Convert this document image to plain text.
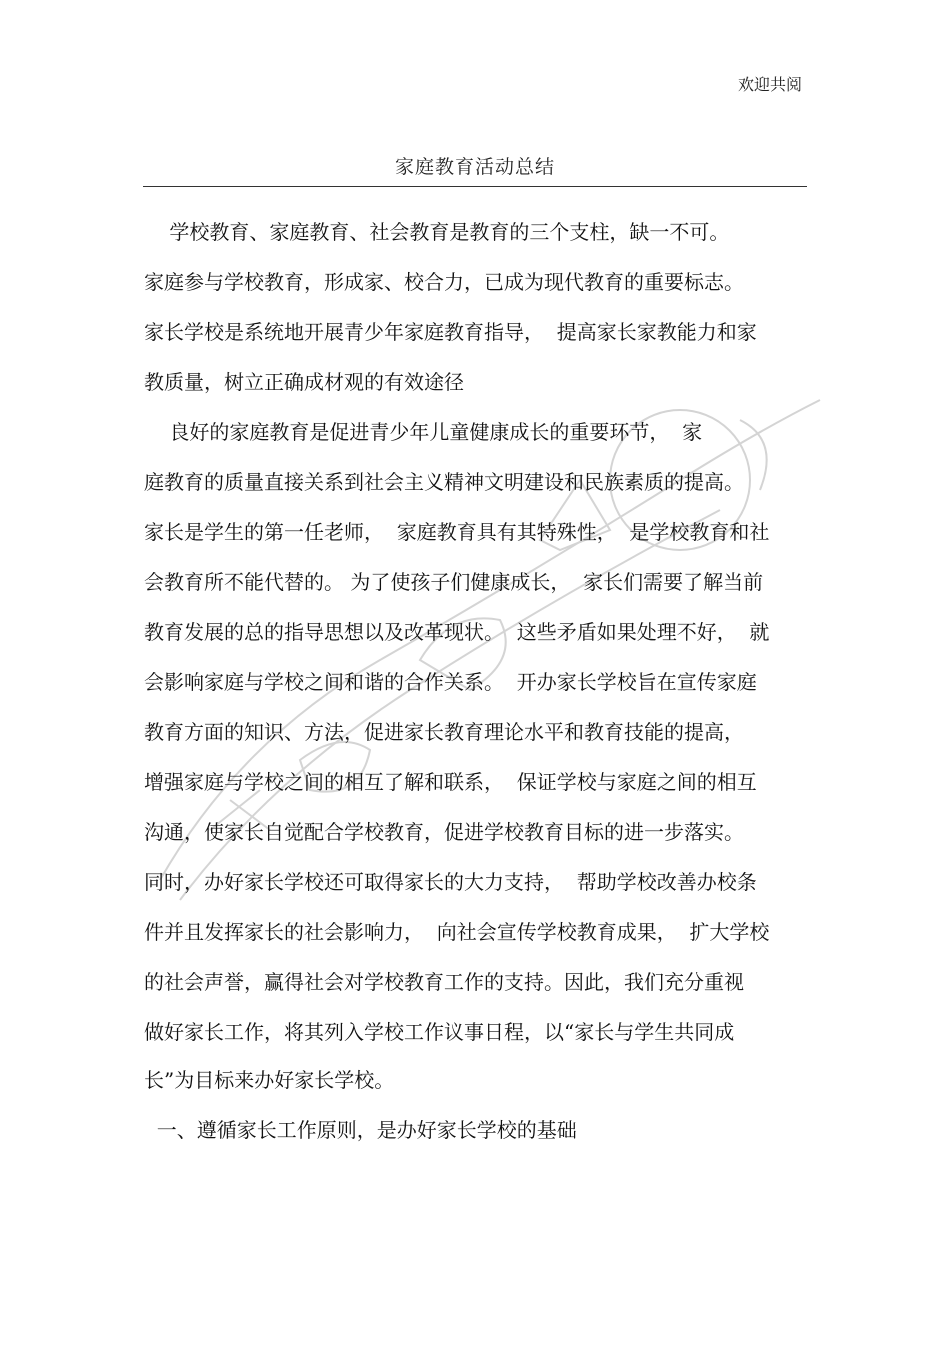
欢迎共阅
家庭教育活动总结
学校教育、家庭教育、社会教育是教育的三个支柱，缺一不可。
家庭参与学校教育，形成家、校合力，已成为现代教育的重要标志。
家长学校是系统地开展青少年家庭教育指导，  提高家长家教能力和家
教质量，树立正确成材观的有效途径
良好的家庭教育是促进青少年儿童健康成长的重要环节，  家
庭教育的质量直接关系到社会主义精神文明建设和民族素质的提高。
家长是学生的第一任老师，  家庭教育具有其特殊性，  是学校教育和社
会教育所不能代替的。 为了使孩子们健康成长，  家长们需要了解当前
教育发展的总的指导思想以及改革现状。  这些矛盾如果处理不好，  就
会影响家庭与学校之间和谐的合作关系。  开办家长学校旨在宣传家庭
教育方面的知识、方法，促进家长教育理论水平和教育技能的提高，
增强家庭与学校之间的相互了解和联系，  保证学校与家庭之间的相互
沟通，使家长自觉配合学校教育，促进学校教育目标的进一步落实。
同时，办好家长学校还可取得家长的大力支持，  帮助学校改善办校条
件并且发挥家长的社会影响力，  向社会宣传学校教育成果，  扩大学校
的社会声誉，赢得社会对学校教育工作的支持。因此，我们充分重视
做好家长工作，将其列入学校工作议事日程，以“家长与学生共同成
长”为目标来办好家长学校。
一、遵循家长工作原则，是办好家长学校的基础
